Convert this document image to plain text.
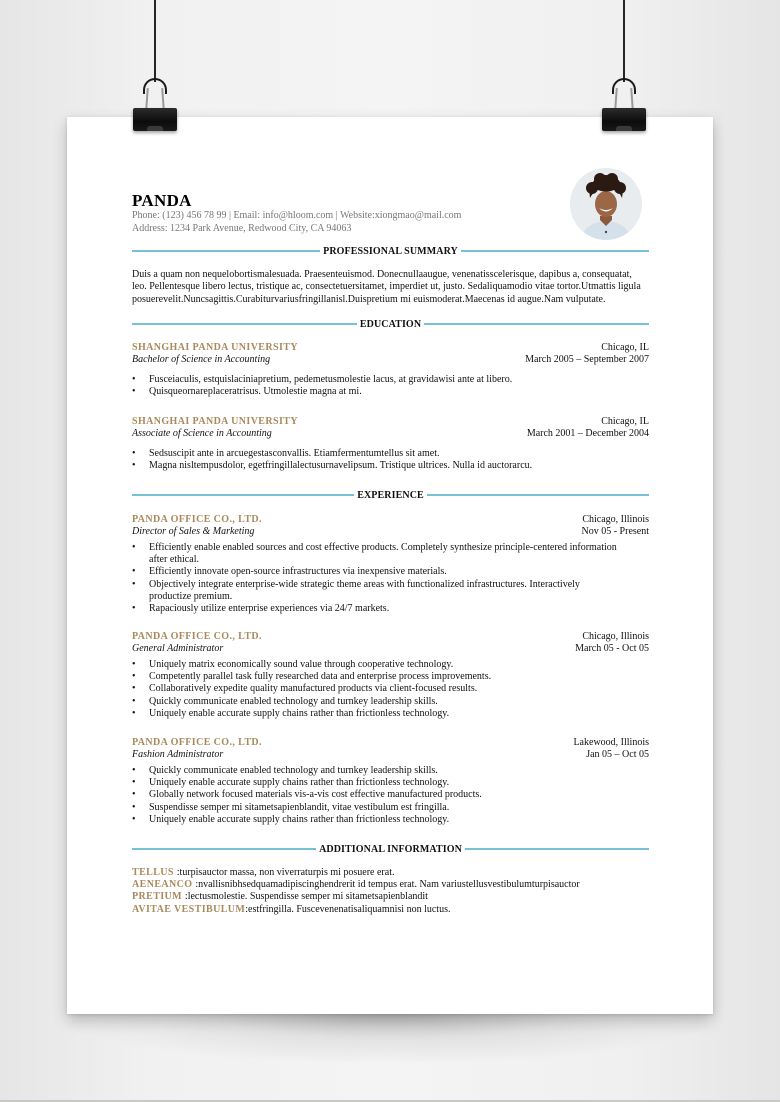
PANDA
Phone: (123) 456 78 99 | Email: info@hloom.com | Website:xiongmao@mail.com
Address: 1234 Park Avenue, Redwood City, CA 94063
PROFESSIONAL SUMMARY
Duis a quam non nequelobortismalesuada. Praesenteuismod. Donecnullaaugue, venenatisscelerisque, dapibus a, consequatat, leo. Pellentesque libero lectus, tristique ac, consectetuersitamet, imperdiet ut, justo. Sedaliquamodio vitae tortor.Utmattis ligula posuerevelit.Nuncsagittis.Curabiturvariusfringillanisl.Duispretium mi euismoderat.Maecenas id augue.Nam vulputate.
EDUCATION
SHANGHAI PANDA UNIVERSITY	Chicago, IL
Bachelor of Science in Accounting	March 2005 – September 2007
• Fusceiaculis, estquislaciniapretium, pedemetusmolestie lacus, at gravidawisi ante at libero.
• Quisqueornareplaceratrisus. Utmolestie magna at mi.
SHANGHAI PANDA UNIVERSITY	Chicago, IL
Associate of Science in Accounting	March 2001 – December 2004
• Sedsuscipit ante in arcuegestasconvallis. Etiamfermentumtellus sit amet.
• Magna nisltempusdolor, egetfringillalectusurnavelipsum. Tristique ultrices. Nulla id auctorarcu.
EXPERIENCE
PANDA OFFICE CO., LTD.	Chicago, Illinois
Director of Sales & Marketing	Nov 05 - Present
• Efficiently enable enabled sources and cost effective products. Completely synthesize principle-centered information after ethical.
• Efficiently innovate open-source infrastructures via inexpensive materials.
• Objectively integrate enterprise-wide strategic theme areas with functionalized infrastructures. Interactively productize premium.
• Rapaciously utilize enterprise experiences via 24/7 markets.
PANDA OFFICE CO., LTD.	Chicago, Illinois
General Administrator	March 05 - Oct 05
• Uniquely matrix economically sound value through cooperative technology.
• Competently parallel task fully researched data and enterprise process improvements.
• Collaboratively expedite quality manufactured products via client-focused results.
• Quickly communicate enabled technology and turnkey leadership skills.
• Uniquely enable accurate supply chains rather than frictionless technology.
PANDA OFFICE CO., LTD.	Lakewood, Illinois
Fashion Administrator	Jan 05 – Oct 05
• Quickly communicate enabled technology and turnkey leadership skills.
• Uniquely enable accurate supply chains rather than frictionless technology.
• Globally network focused materials vis-a-vis cost effective manufactured products.
• Suspendisse semper mi sitametsapienblandit, vitae vestibulum est fringilla.
• Uniquely enable accurate supply chains rather than frictionless technology.
ADDITIONAL INFORMATION
TELLUS :turpisauctor massa, non viverraturpis mi posuere erat.
AENEANCO :nvallisnibhsedquamadipiscinghendrerit id tempus erat. Nam variustellusvestibulumturpisauctor
PRETIUM :lectusmolestie. Suspendisse semper mi sitametsapienblandit
AVITAE VESTIBULUM:estfringilla. Fuscevenenatisaliquamnisi non luctus.
